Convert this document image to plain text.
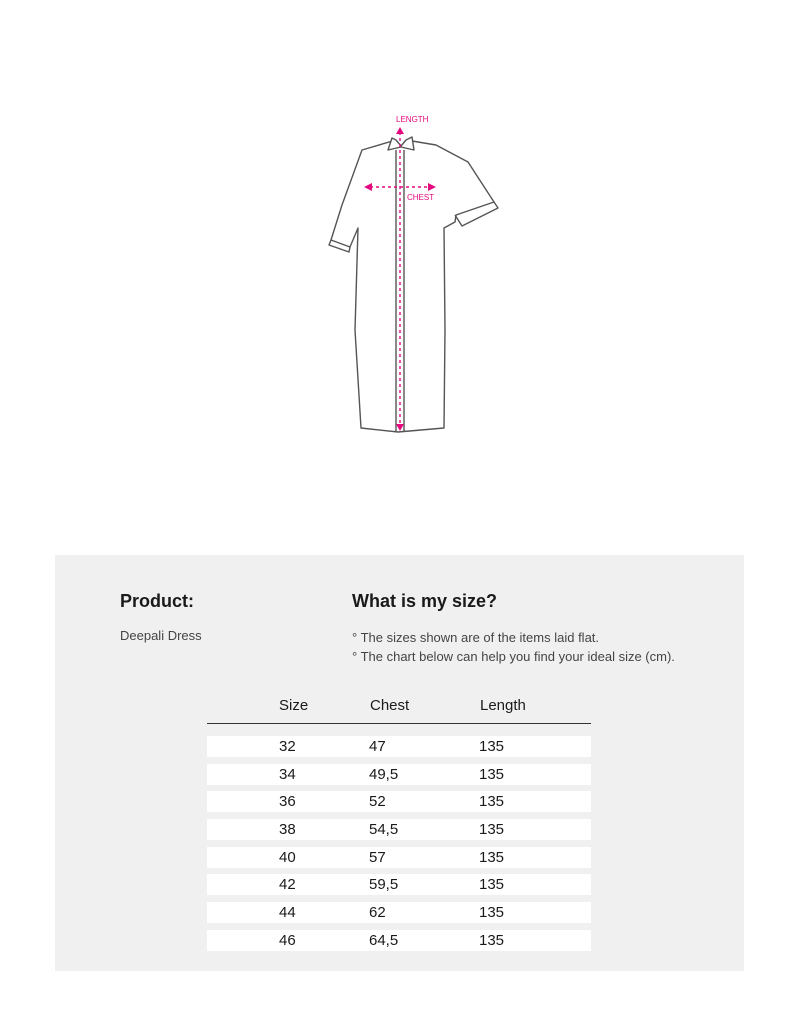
LENGTH
CHEST
Product:
Deepali Dress
What is my size?
° The sizes shown are of the items laid flat.
° The chart below can help you find your ideal size (cm).
Size	Chest	Length
32	47	135
34	49,5	135
36	52	135
38	54,5	135
40	57	135
42	59,5	135
44	62	135
46	64,5	135
